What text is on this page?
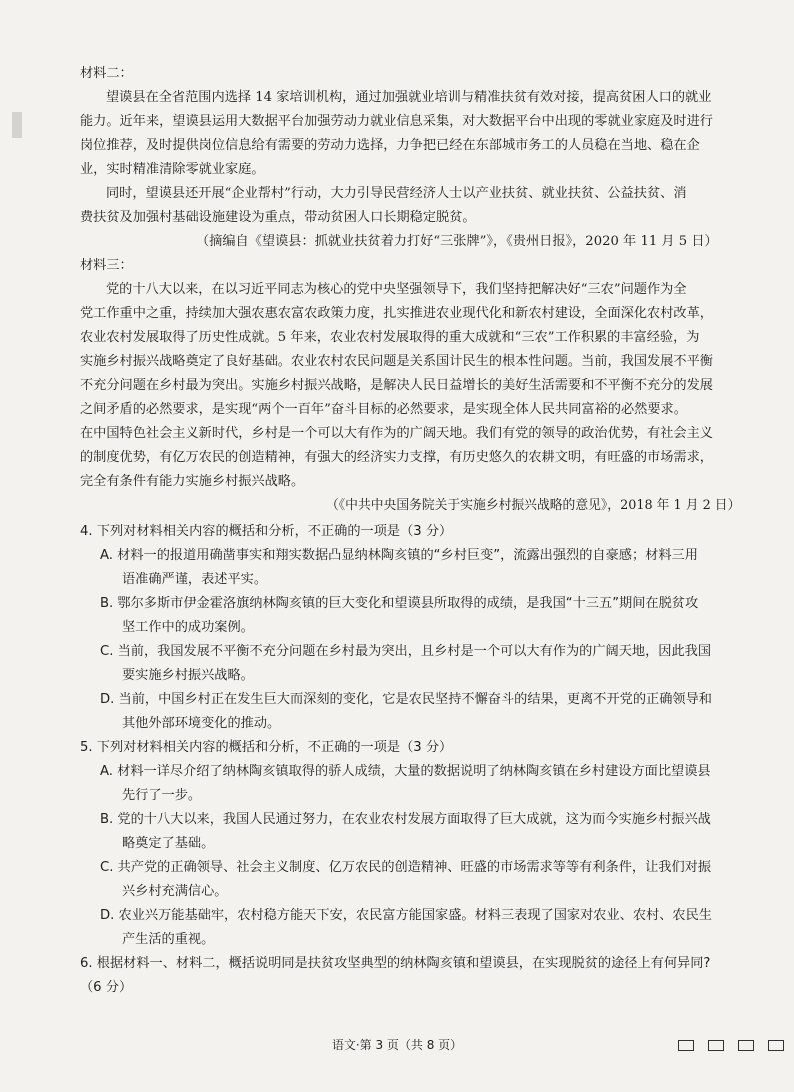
材料二：

望谟县在全省范围内选择 14 家培训机构，通过加强就业培训与精准扶贫有效对接，提高贫困人口的就业

能力。近年来，望谟县运用大数据平台加强劳动力就业信息采集，对大数据平台中出现的零就业家庭及时进行

岗位推荐，及时提供岗位信息给有需要的劳动力选择，力争把已经在东部城市务工的人员稳在当地、稳在企

业，实时精准清除零就业家庭。

同时，望谟县还开展“企业帮村”行动，大力引导民营经济人士以产业扶贫、就业扶贫、公益扶贫、消

费扶贫及加强村基础设施建设为重点，带动贫困人口长期稳定脱贫。

（摘编自《望谟县：抓就业扶贫着力打好“三张牌”》，《贵州日报》，2020 年 11 月 5 日）

材料三：

党的十八大以来，在以习近平同志为核心的党中央坚强领导下，我们坚持把解决好“三农”问题作为全

党工作重中之重，持续加大强农惠农富农政策力度，扎实推进农业现代化和新农村建设，全面深化农村改革，

农业农村发展取得了历史性成就。5 年来，农业农村发展取得的重大成就和“三农”工作积累的丰富经验，为

实施乡村振兴战略奠定了良好基础。农业农村农民问题是关系国计民生的根本性问题。当前，我国发展不平衡

不充分问题在乡村最为突出。实施乡村振兴战略，是解决人民日益增长的美好生活需要和不平衡不充分的发展

之间矛盾的必然要求，是实现“两个一百年”奋斗目标的必然要求，是实现全体人民共同富裕的必然要求。

在中国特色社会主义新时代，乡村是一个可以大有作为的广阔天地。我们有党的领导的政治优势，有社会主义

的制度优势，有亿万农民的创造精神，有强大的经济实力支撑，有历史悠久的农耕文明，有旺盛的市场需求，

完全有条件有能力实施乡村振兴战略。

（《中共中央国务院关于实施乡村振兴战略的意见》，2018 年 1 月 2 日）

4. 下列对材料相关内容的概括和分析，不正确的一项是（3 分）

A. 材料一的报道用确凿事实和翔实数据凸显纳林陶亥镇的“乡村巨变”，流露出强烈的自豪感；材料三用

语准确严谨，表述平实。

B. 鄂尔多斯市伊金霍洛旗纳林陶亥镇的巨大变化和望谟县所取得的成绩，是我国“十三五”期间在脱贫攻

坚工作中的成功案例。

C. 当前，我国发展不平衡不充分问题在乡村最为突出，且乡村是一个可以大有作为的广阔天地，因此我国

要实施乡村振兴战略。

D. 当前，中国乡村正在发生巨大而深刻的变化，它是农民坚持不懈奋斗的结果，更离不开党的正确领导和

其他外部环境变化的推动。

5. 下列对材料相关内容的概括和分析，不正确的一项是（3 分）

A. 材料一详尽介绍了纳林陶亥镇取得的骄人成绩，大量的数据说明了纳林陶亥镇在乡村建设方面比望谟县

先行了一步。

B. 党的十八大以来，我国人民通过努力，在农业农村发展方面取得了巨大成就，这为而今实施乡村振兴战

略奠定了基础。

C. 共产党的正确领导、社会主义制度、亿万农民的创造精神、旺盛的市场需求等等有利条件，让我们对振

兴乡村充满信心。

D. 农业兴万能基础牢，农村稳方能天下安，农民富方能国家盛。材料三表现了国家对农业、农村、农民生

产生活的重视。

6. 根据材料一、材料二，概括说明同是扶贫攻坚典型的纳林陶亥镇和望谟县，在实现脱贫的途径上有何异同?

（6 分）

语文·第 3 页（共 8 页）
